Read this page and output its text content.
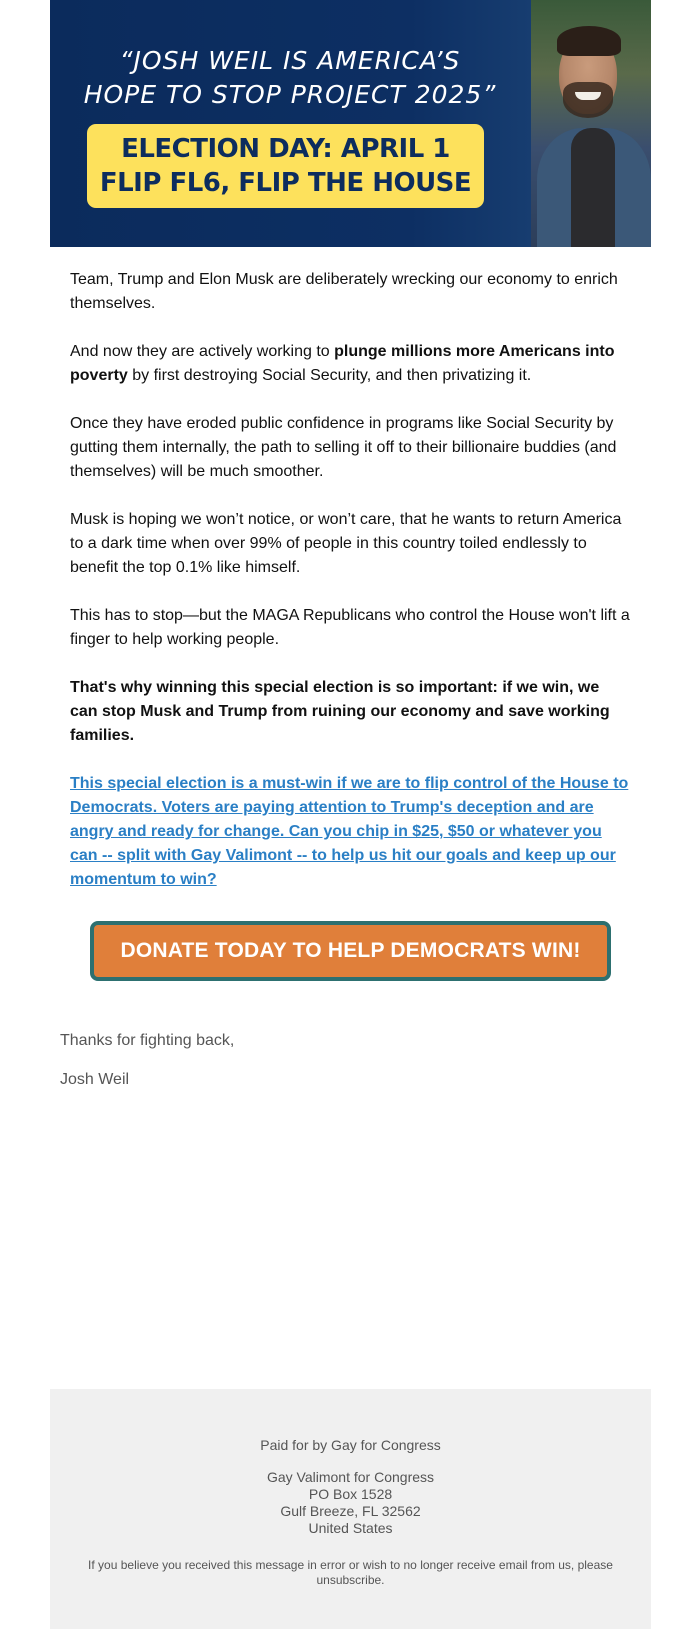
“JOSH WEIL IS AMERICA’S
HOPE TO STOP PROJECT 2025”
ELECTION DAY: APRIL 1
FLIP FL6, FLIP THE HOUSE

Team, Trump and Elon Musk are deliberately wrecking our economy to enrich themselves.

And now they are actively working to plunge millions more Americans into poverty by first destroying Social Security, and then privatizing it.

Once they have eroded public confidence in programs like Social Security by gutting them internally, the path to selling it off to their billionaire buddies (and themselves) will be much smoother.

Musk is hoping we won’t notice, or won’t care, that he wants to return America to a dark time when over 99% of people in this country toiled endlessly to benefit the top 0.1% like himself.

This has to stop—but the MAGA Republicans who control the House won't lift a finger to help working people.

That's why winning this special election is so important: if we win, we can stop Musk and Trump from ruining our economy and save working families.

This special election is a must-win if we are to flip control of the House to Democrats. Voters are paying attention to Trump's deception and are angry and ready for change. Can you chip in $25, $50 or whatever you can -- split with Gay Valimont -- to help us hit our goals and keep up our momentum to win?

DONATE TODAY TO HELP DEMOCRATS WIN!
Thanks for fighting back,
Josh Weil
Paid for by Gay for Congress
Gay Valimont for Congress
PO Box 1528
Gulf Breeze, FL 32562
United States
If you believe you received this message in error or wish to no longer receive email from us, please unsubscribe.
